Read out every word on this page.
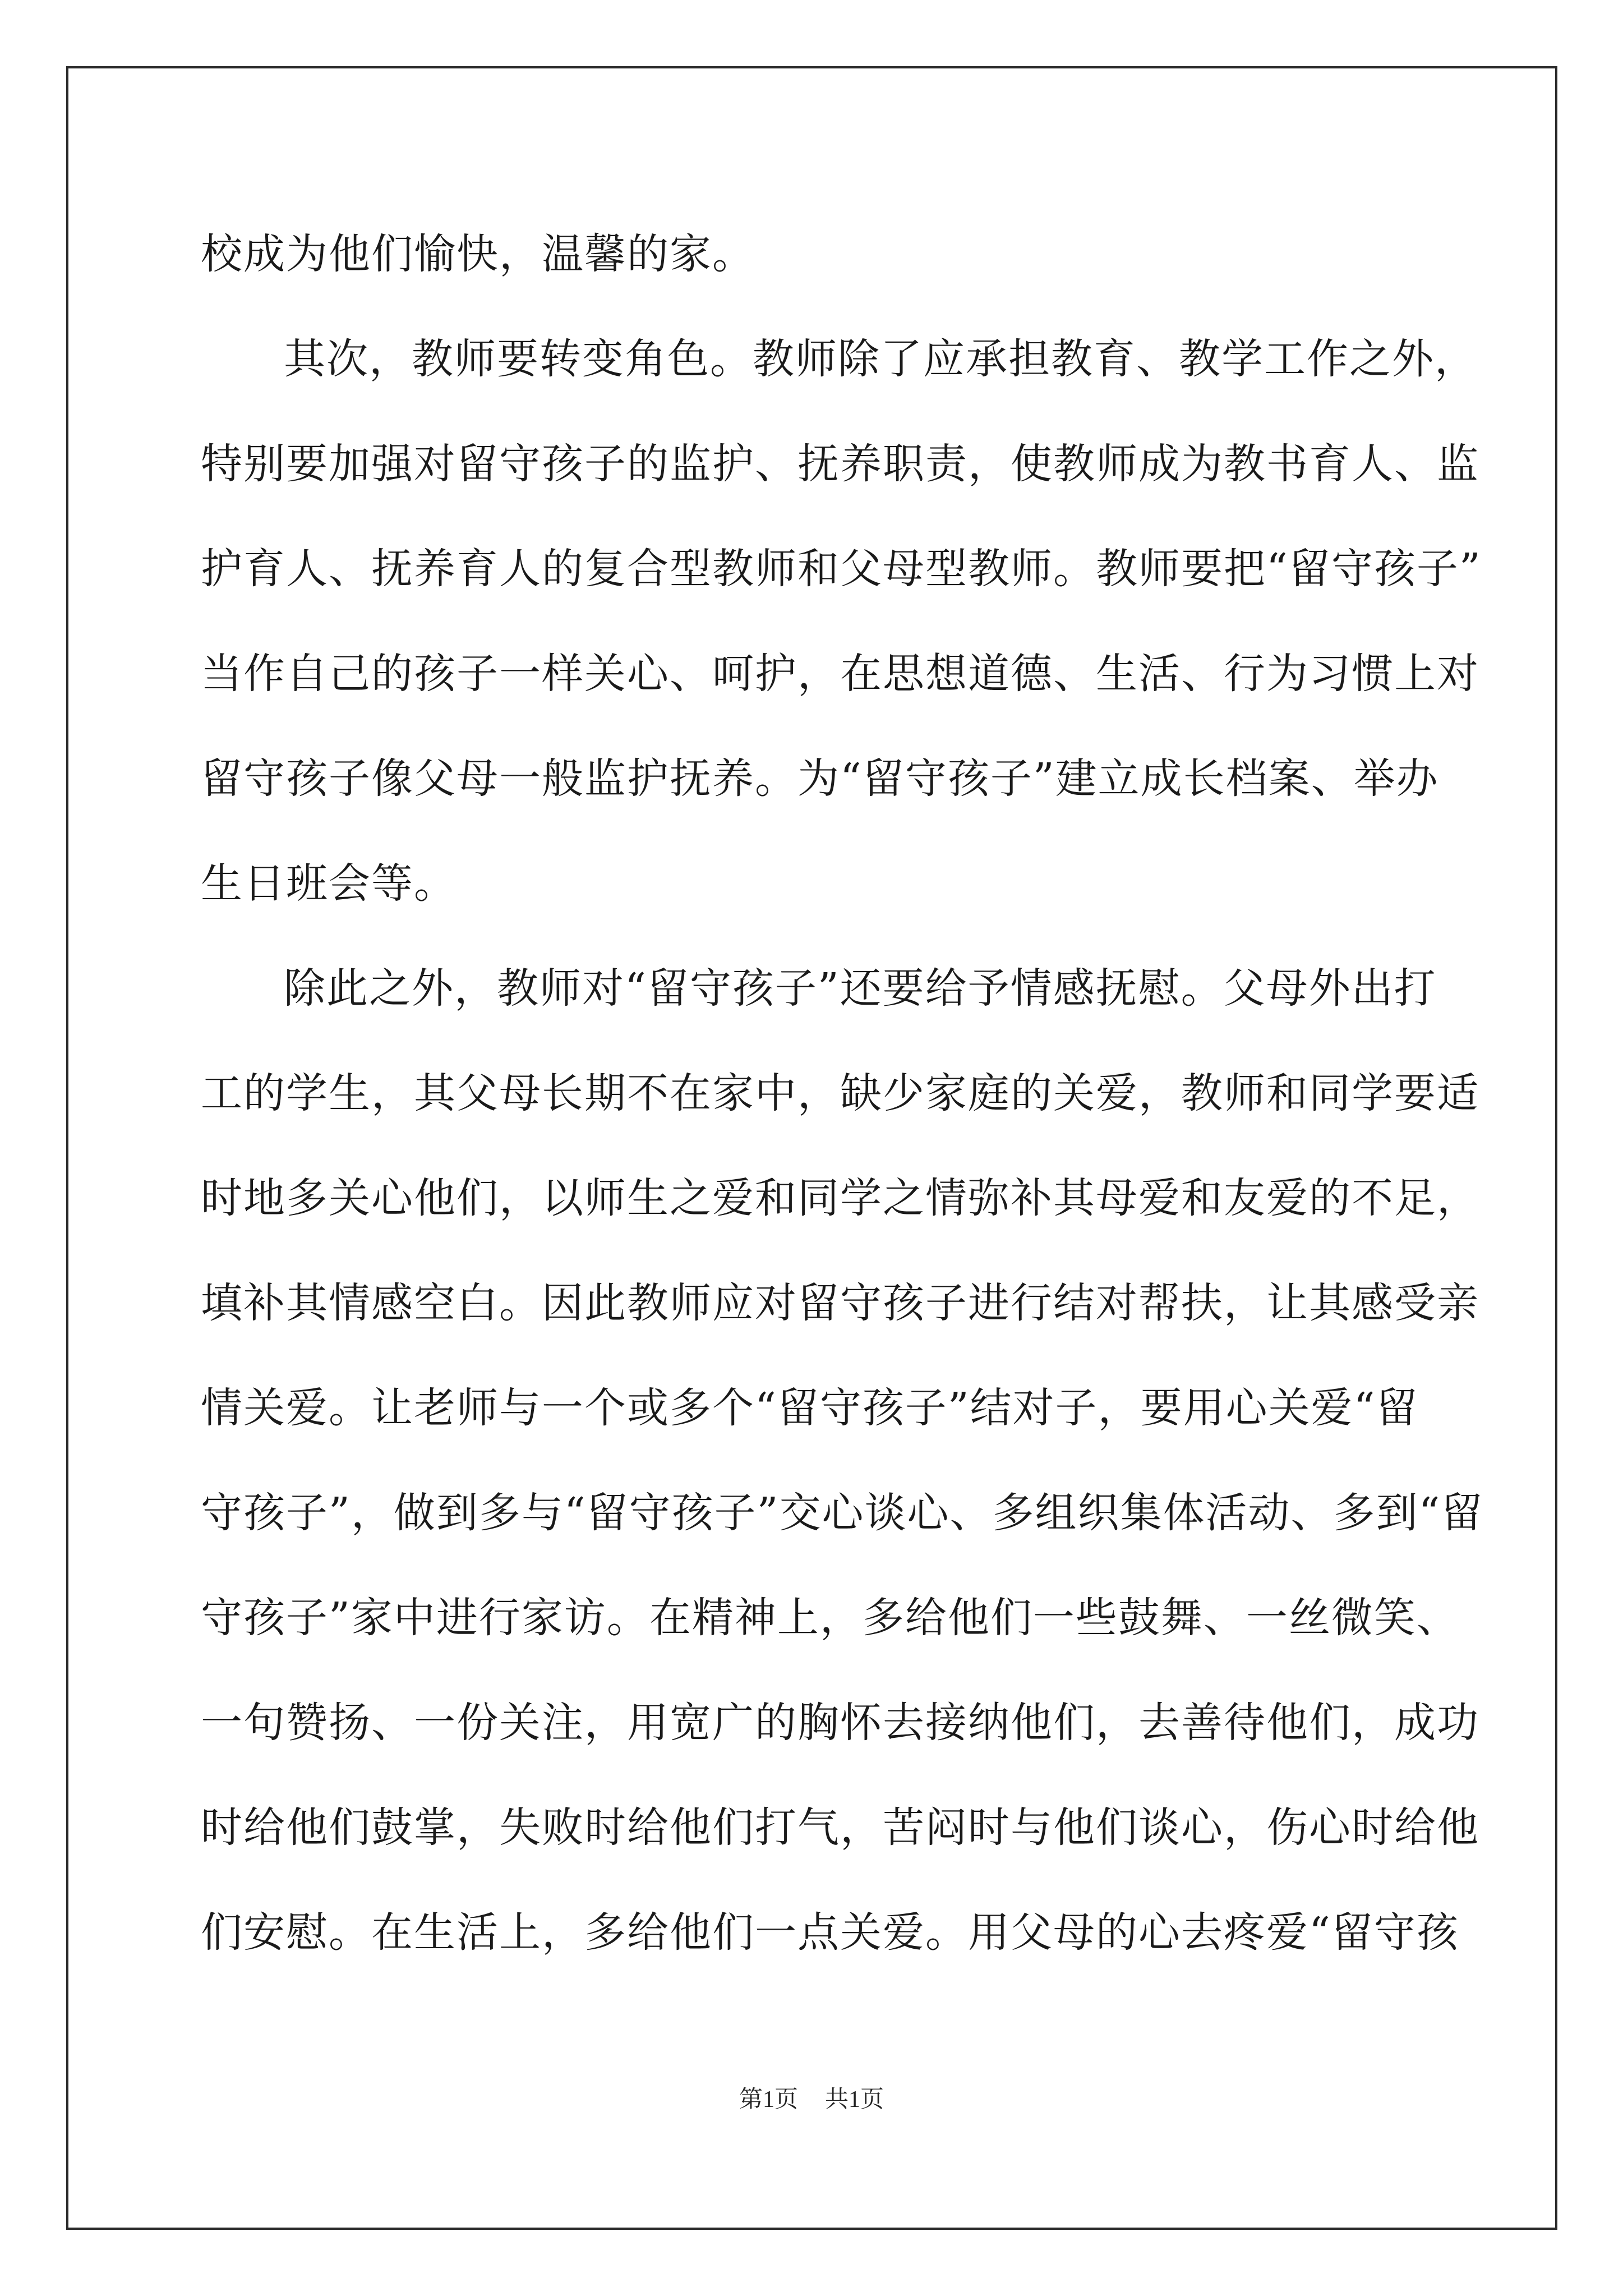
校成为他们愉快，温馨的家。
其次，教师要转变角色。教师除了应承担教育、教学工作之外，
特别要加强对留守孩子的监护、抚养职责，使教师成为教书育人、监
护育人、抚养育人的复合型教师和父母型教师。教师要把“留守孩子”
当作自己的孩子一样关心、呵护，在思想道德、生活、行为习惯上对
留守孩子像父母一般监护抚养。为“留守孩子”建立成长档案、举办
生日班会等。
除此之外，教师对“留守孩子”还要给予情感抚慰。父母外出打
工的学生，其父母长期不在家中，缺少家庭的关爱，教师和同学要适
时地多关心他们，以师生之爱和同学之情弥补其母爱和友爱的不足，
填补其情感空白。因此教师应对留守孩子进行结对帮扶，让其感受亲
情关爱。让老师与一个或多个“留守孩子”结对子，要用心关爱“留
守孩子”，做到多与“留守孩子”交心谈心、多组织集体活动、多到“留
守孩子”家中进行家访。在精神上，多给他们一些鼓舞、一丝微笑、
一句赞扬、一份关注，用宽广的胸怀去接纳他们，去善待他们，成功
时给他们鼓掌，失败时给他们打气，苦闷时与他们谈心，伤心时给他
们安慰。在生活上，多给他们一点关爱。用父母的心去疼爱“留守孩
第1页 共1页
